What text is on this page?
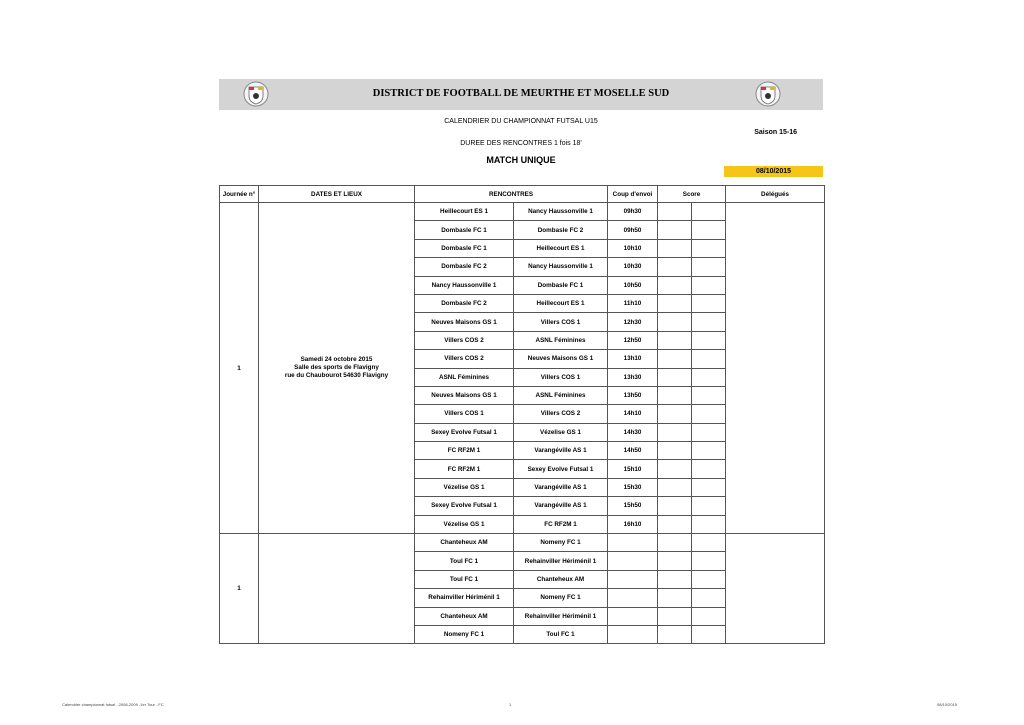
DISTRICT DE FOOTBALL DE MEURTHE ET MOSELLE SUD
CALENDRIER DU CHAMPIONNAT FUTSAL U15
Saison 15-16
DUREE DES RENCONTRES 1 fois 18'
MATCH UNIQUE
08/10/2015
Journée n°	DATES ET LIEUX	RENCONTRES		Coup d'envoi	Score		Délégués
1	Samedi 24 octobre 2015
Salle des sports de Flavigny
rue du Chaubourot 54630 Flavigny	Heillecourt ES 1	Nancy Haussonville 1	09h30			
		Dombasle FC 1	Dombasle FC 2	09h50			
		Dombasle FC 1	Heillecourt ES 1	10h10			
		Dombasle FC 2	Nancy Haussonville 1	10h30			
		Nancy Haussonville 1	Dombasle FC 1	10h50			
		Dombasle FC 2	Heillecourt ES 1	11h10			
		Neuves Maisons GS 1	Villers COS 1	12h30			
		Villers COS 2	ASNL Féminines	12h50			
		Villers COS 2	Neuves Maisons GS 1	13h10			
		ASNL Féminines	Villers COS 1	13h30			
		Neuves Maisons GS 1	ASNL Féminines	13h50			
		Villers COS 1	Villers COS 2	14h10			
		Sexey Evolve Futsal 1	Vézelise GS 1	14h30			
		FC RF2M 1	Varangéville AS 1	14h50			
		FC RF2M 1	Sexey Evolve Futsal 1	15h10			
		Vézelise GS 1	Varangéville AS 1	15h30			
		Sexey Evolve Futsal 1	Varangéville AS 1	15h50			
		Vézelise GS 1	FC RF2M 1	16h10			
1		Chanteheux AM	Nomeny FC 1				
		Toul FC 1	Rehainviller Hériménil 1				
		Toul FC 1	Chanteheux AM				
		Rehainviller Hériménil 1	Nomeny FC 1				
		Chanteheux AM	Rehainviller Hériménil 1				
		Nomeny FC 1	Toul FC 1				
Calendrier championnat futsal - 2008-2009 -1er Tour - FC	1	08/10/2015
